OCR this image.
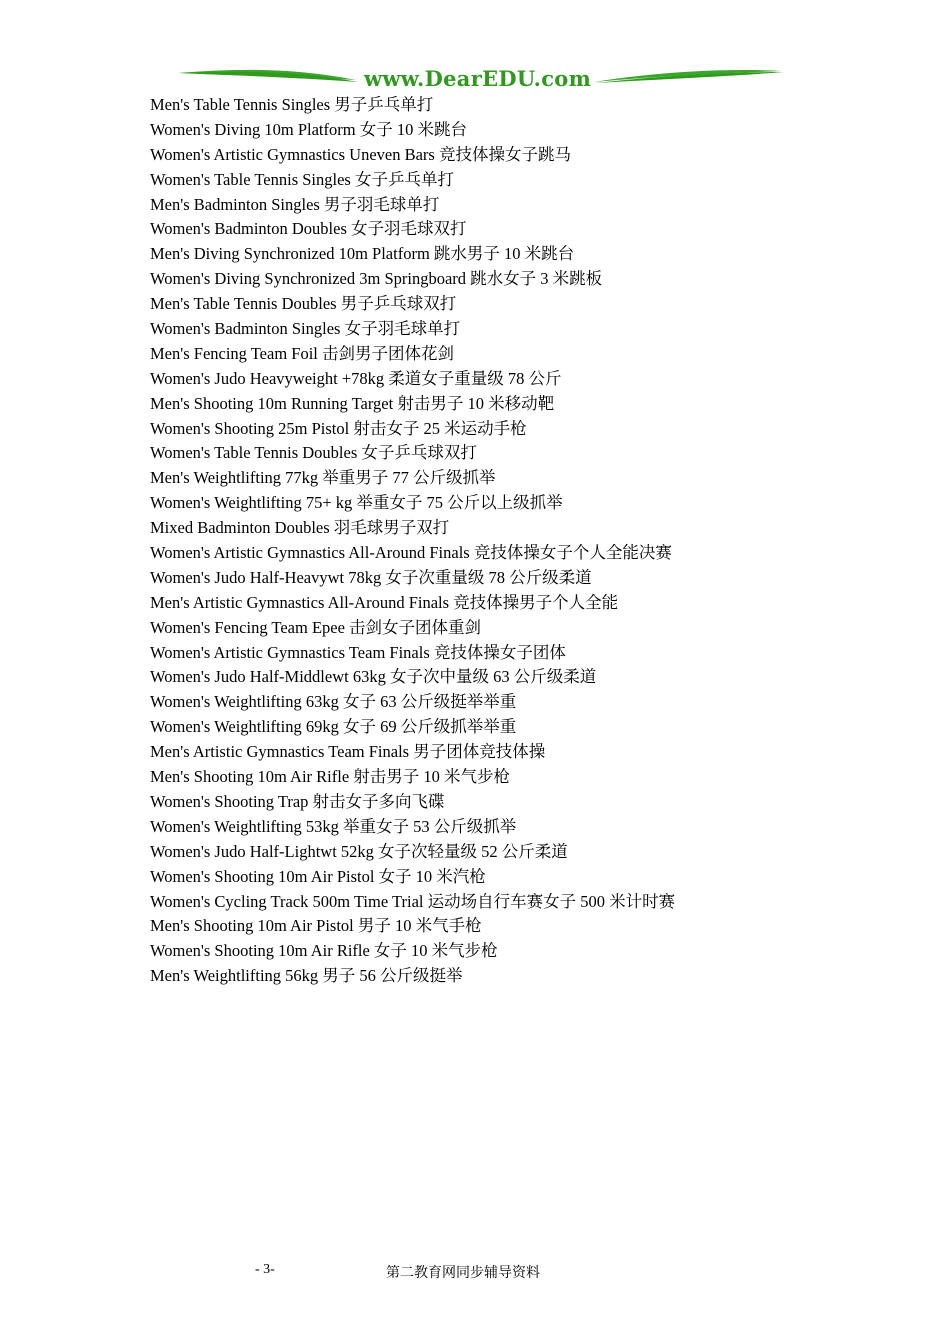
www.DearEDU.com
Men's Table Tennis Singles 男子乒乓单打
Women's Diving 10m Platform 女子 10 米跳台
Women's Artistic Gymnastics Uneven Bars 竞技体操女子跳马
Women's Table Tennis Singles 女子乒乓单打
Men's Badminton Singles 男子羽毛球单打
Women's Badminton Doubles 女子羽毛球双打
Men's Diving Synchronized 10m Platform 跳水男子 10 米跳台
Women's Diving Synchronized 3m Springboard 跳水女子 3 米跳板
Men's Table Tennis Doubles 男子乒乓球双打
Women's Badminton Singles 女子羽毛球单打
Men's Fencing Team Foil 击剑男子团体花剑
Women's Judo Heavyweight +78kg 柔道女子重量级 78 公斤
Men's Shooting 10m Running Target 射击男子 10 米移动靶
Women's Shooting 25m Pistol 射击女子 25 米运动手枪
Women's Table Tennis Doubles 女子乒乓球双打
Men's Weightlifting 77kg 举重男子 77 公斤级抓举
Women's Weightlifting 75+ kg 举重女子 75 公斤以上级抓举
Mixed Badminton Doubles 羽毛球男子双打
Women's Artistic Gymnastics All-Around Finals 竞技体操女子个人全能决赛
Women's Judo Half-Heavywt 78kg 女子次重量级 78 公斤级柔道
Men's Artistic Gymnastics All-Around Finals 竞技体操男子个人全能
Women's Fencing Team Epee 击剑女子团体重剑
Women's Artistic Gymnastics Team Finals 竞技体操女子团体
Women's Judo Half-Middlewt 63kg 女子次中量级 63 公斤级柔道
Women's Weightlifting 63kg 女子 63 公斤级挺举举重
Women's Weightlifting 69kg 女子 69 公斤级抓举举重
Men's Artistic Gymnastics Team Finals 男子团体竞技体操
Men's Shooting 10m Air Rifle 射击男子 10 米气步枪
Women's Shooting Trap 射击女子多向飞碟
Women's Weightlifting 53kg 举重女子 53 公斤级抓举
Women's Judo Half-Lightwt 52kg 女子次轻量级 52 公斤柔道
Women's Shooting 10m Air Pistol 女子 10 米汽枪
Women's Cycling Track 500m Time Trial 运动场自行车赛女子 500 米计时赛
Men's Shooting 10m Air Pistol 男子 10 米气手枪
Women's Shooting 10m Air Rifle 女子 10 米气步枪
Men's Weightlifting 56kg 男子 56 公斤级挺举
- 3-	第二教育网同步辅导资料
